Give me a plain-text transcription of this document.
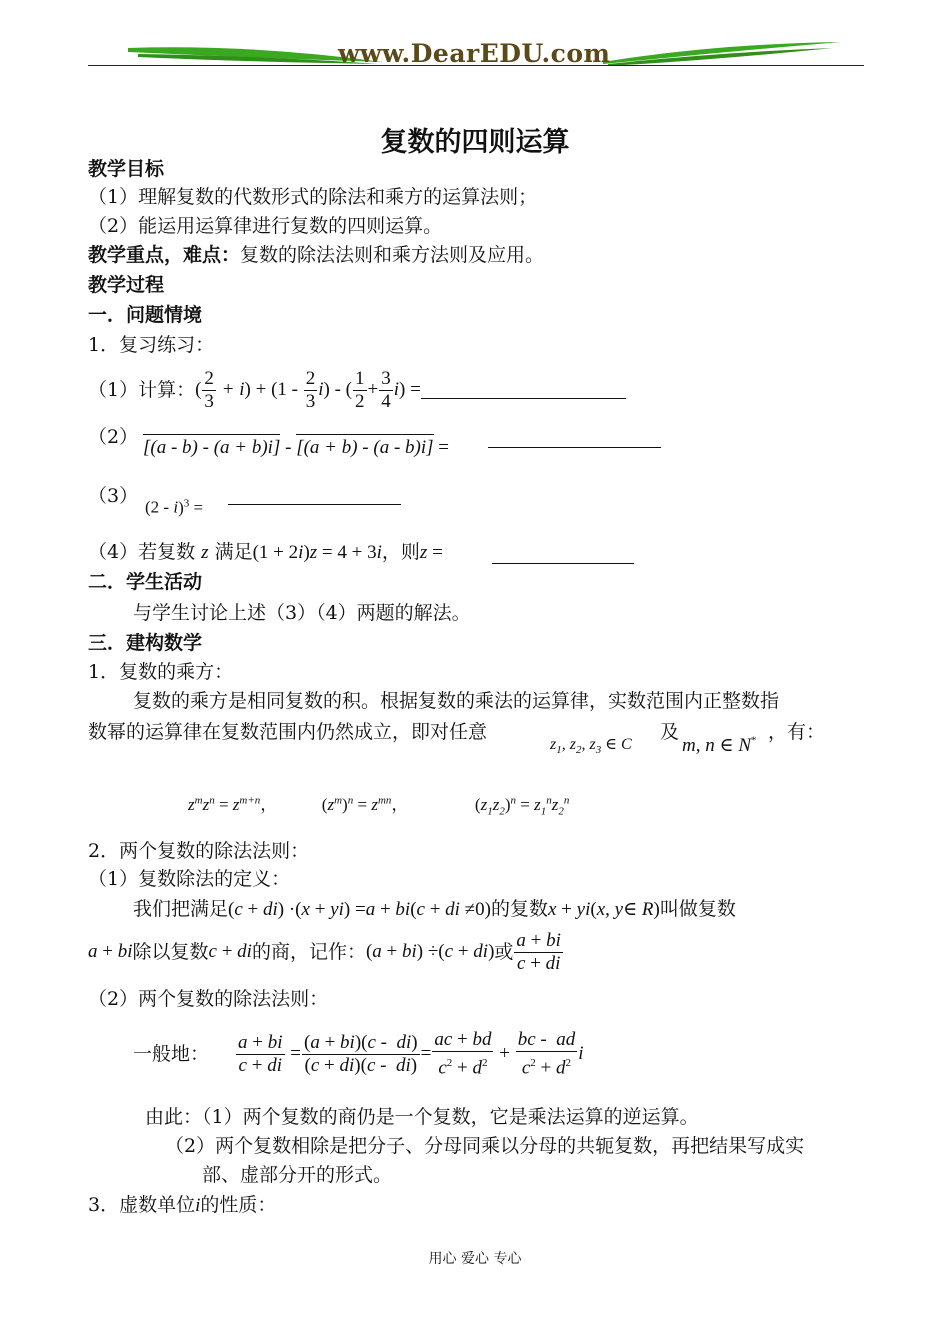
www.DearEDU.com
复数的四则运算
教学目标
（1）理解复数的代数形式的除法和乘方的运算法则；
（2）能运用运算律进行复数的四则运算。
教学重点，难点：复数的除法法则和乘方法则及应用。
教学过程
一．问题情境
1．复习练习：
（1）计算： ( $\frac{2}{3} + i$ ) + ($1 - \frac{2}{3}$ i ) - ( $\frac{1}{2} + \frac{3}{4}$ i ) =
（2） [(a - b) - (a + b)i] - [(a + b) - (a - b)i] =
（3）
(2 - i)$^3$ =
（4）若复数 z 满足(1 + 2i)z = 4 + 3i，则z =
二．学生活动
与学生讨论上述（3）（4）两题的解法。
三．建构数学
1．复数的乘方：
复数的乘方是相同复数的积。根据复数的乘法的运算律，实数范围内正整数指
数幂的运算律在复数范围内仍然成立，即对任意
$z_1$, $z_2$, $z_3$ ∈ C
及
m, n ∈ N* ，有：
$z^mz^n = z^{m+n}$，	$(z^m)^n = z^{mn}$，	$(z_1z_2)^n = z_1^nz_2^n$
2．两个复数的除法法则：
（1）复数除法的定义：
我们把满足(c + di) ·(x + yi) =a + bi(c + di ≠0)的复数x + yi(x, y∈ R)叫做复数
a + bi 除以复数 c + di 的商，记作： (a + bi) ÷(c + di) 或 $\frac{a + bi}{c + di}$
（2）两个复数的除法法则：
一般地： $\frac{a + bi}{c + di} = \frac{(a + bi)(c - di)}{(c + di)(c - di)} = \frac{ac + bd}{c^2 + d^2} + \frac{bc - ad}{c^2 + d^2}$ i
由此：（1）两个复数的商仍是一个复数，它是乘法运算的逆运算。
（2）两个复数相除是把分子、分母同乘以分母的共轭复数，再把结果写成实
部、虚部分开的形式。
3．虚数单位i的性质：
用心 爱心 专心
